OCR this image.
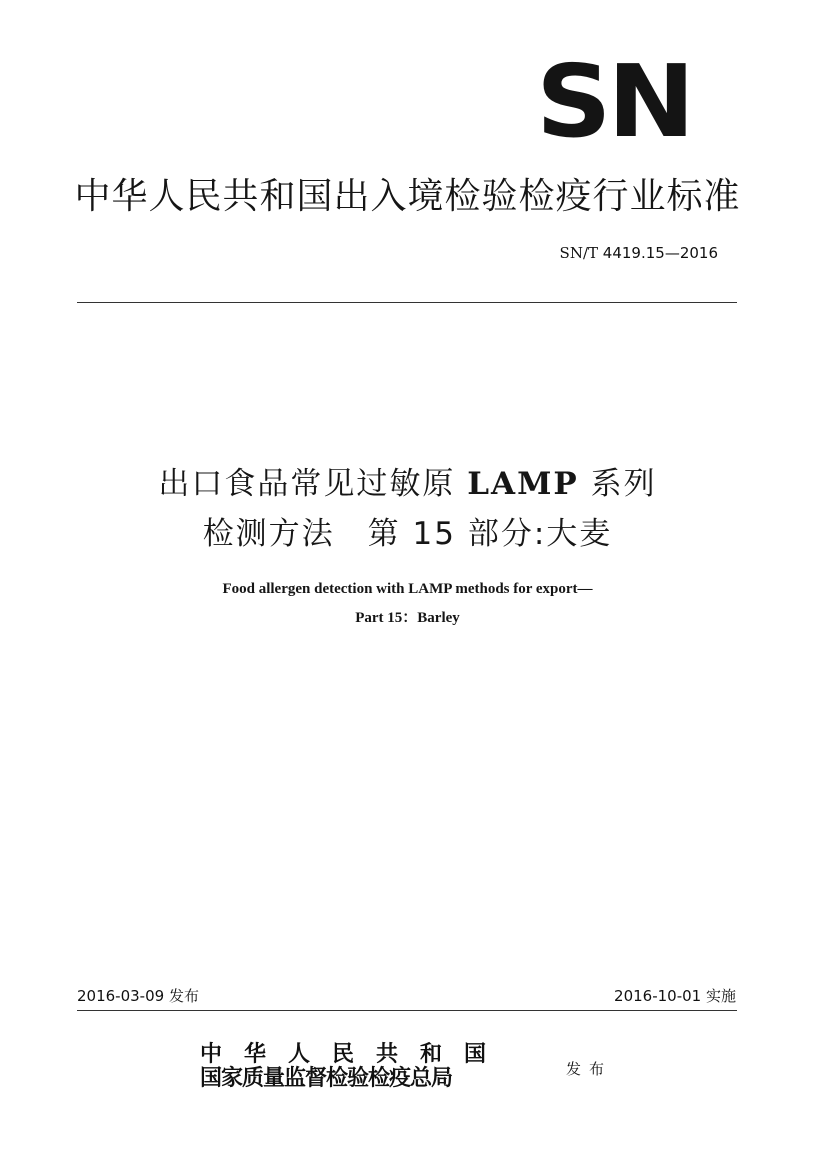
SN
中华人民共和国出入境检验检疫行业标准
SN/T 4419.15—2016
出口食品常见过敏原 LAMP 系列
检测方法　第 15 部分:大麦
Food allergen detection with LAMP methods for export—
Part 15：Barley
2016-03-09 发布	2016-10-01 实施
中华人民共和国
国家质量监督检验检疫总局	发布
